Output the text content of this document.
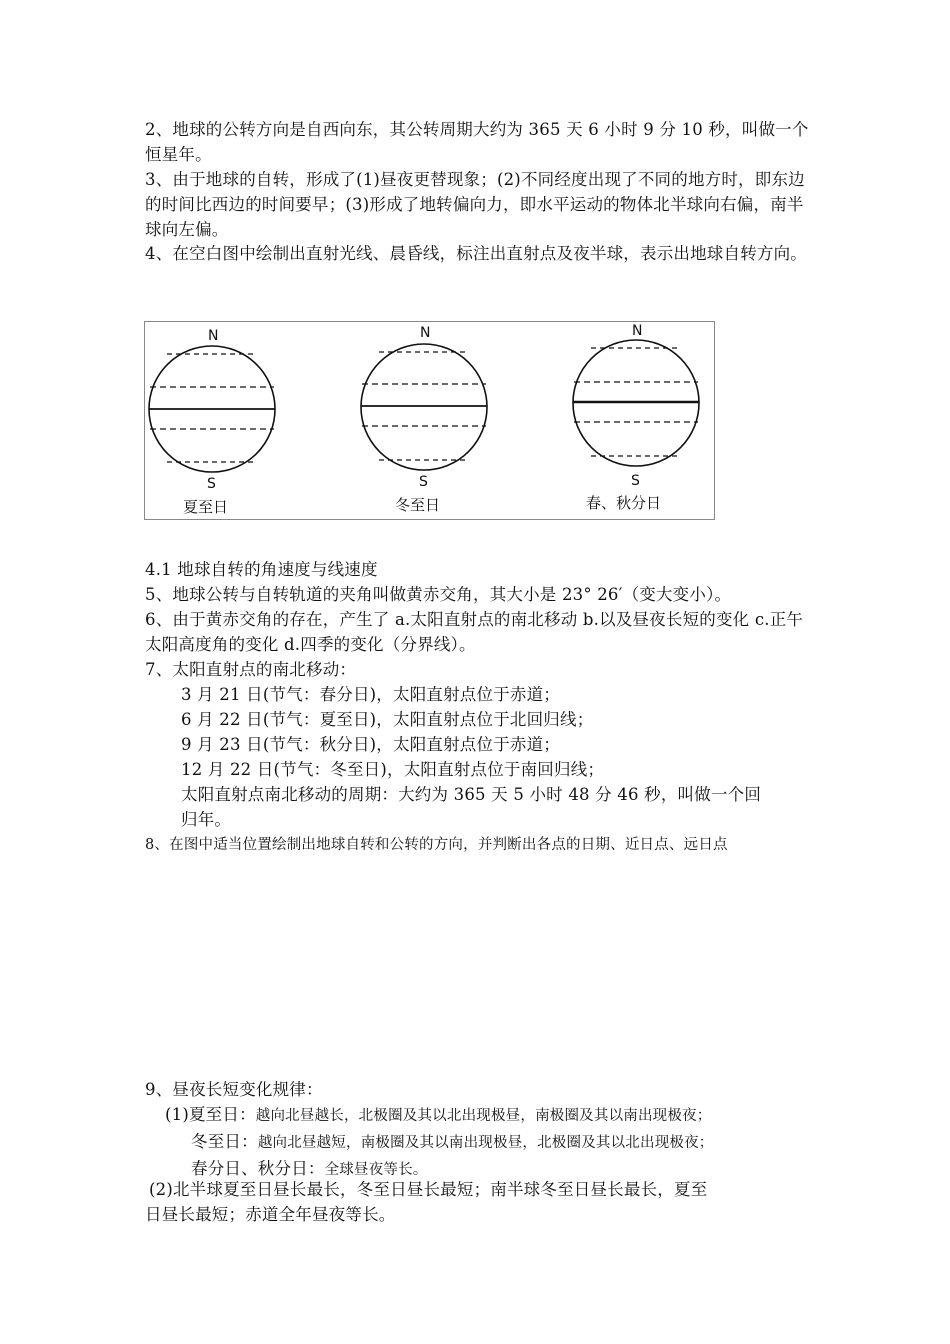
2、地球的公转方向是自西向东，其公转周期大约为 365 天 6 小时 9 分 10 秒，叫做一个恒星年。

3、由于地球的自转，形成了(1)昼夜更替现象；(2)不同经度出现了不同的地方时，即东边的时间比西边的时间要早；(3)形成了地转偏向力，即水平运动的物体北半球向右偏，南半球向左偏。

4、在空白图中绘制出直射光线、晨昏线，标注出直射点及夜半球，表示出地球自转方向。

N
S
夏至日
N
S
冬至日
N
S
春、秋分日

4.1 地球自转的角速度与线速度

5、地球公转与自转轨道的夹角叫做黄赤交角，其大小是 23° 26′（变大变小）。

6、由于黄赤交角的存在，产生了 a.太阳直射点的南北移动 b.以及昼夜长短的变化 c.正午太阳高度角的变化 d.四季的变化（分界线）。

7、太阳直射点的南北移动：

3 月 21 日(节气：春分日)，太阳直射点位于赤道；
6 月 22 日(节气：夏至日)，太阳直射点位于北回归线；
9 月 23 日(节气：秋分日)，太阳直射点位于赤道；
12 月 22 日(节气：冬至日)，太阳直射点位于南回归线；
太阳直射点南北移动的周期：大约为 365 天 5 小时 48 分 46 秒，叫做一个回
归年。

8、在图中适当位置绘制出地球自转和公转的方向，并判断出各点的日期、近日点、远日点

9、昼夜长短变化规律：

(1)夏至日：越向北昼越长，北极圈及其以北出现极昼，南极圈及其以南出现极夜；
冬至日：越向北昼越短，南极圈及其以南出现极昼，北极圈及其以北出现极夜；
春分日、秋分日：全球昼夜等长。
(2)北半球夏至日昼长最长，冬至日昼长最短；南半球冬至日昼长最长，夏至
日昼长最短；赤道全年昼夜等长。
